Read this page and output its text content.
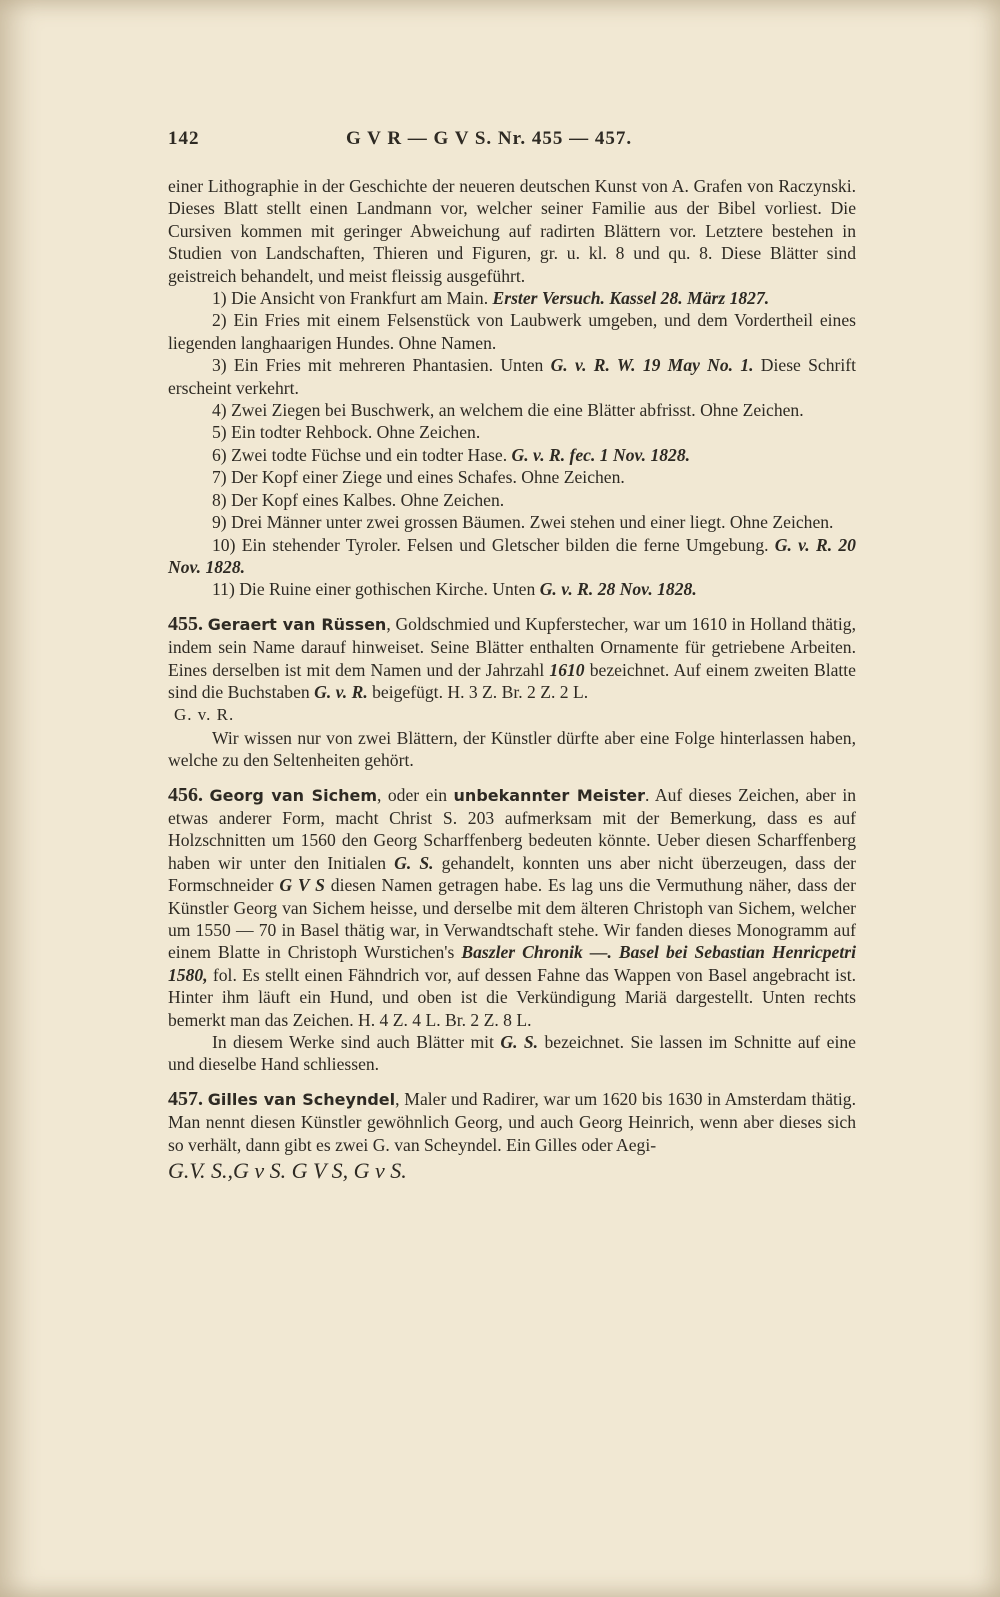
142	G V R — G V S. Nr. 455 — 457.

einer Lithographie in der Geschichte der neueren deutschen Kunst von A. Grafen von Raczynski. Dieses Blatt stellt einen Landmann vor, welcher seiner Familie aus der Bibel vorliest. Die Cursiven kommen mit geringer Abweichung auf radirten Blättern vor. Letztere bestehen in Studien von Landschaften, Thieren und Figuren, gr. u. kl. 8 und qu. 8. Diese Blätter sind geistreich behandelt, und meist fleissig ausgeführt.

1) Die Ansicht von Frankfurt am Main. Erster Versuch. Kassel 28. März 1827.

2) Ein Fries mit einem Felsenstück von Laubwerk umgeben, und dem Vordertheil eines liegenden langhaarigen Hundes. Ohne Namen.

3) Ein Fries mit mehreren Phantasien. Unten G. v. R. W. 19 May No. 1. Diese Schrift erscheint verkehrt.

4) Zwei Ziegen bei Buschwerk, an welchem die eine Blätter abfrisst. Ohne Zeichen.

5) Ein todter Rehbock. Ohne Zeichen.

6) Zwei todte Füchse und ein todter Hase. G. v. R. fec. 1 Nov. 1828.

7) Der Kopf einer Ziege und eines Schafes. Ohne Zeichen.

8) Der Kopf eines Kalbes. Ohne Zeichen.

9) Drei Männer unter zwei grossen Bäumen. Zwei stehen und einer liegt. Ohne Zeichen.

10) Ein stehender Tyroler. Felsen und Gletscher bilden die ferne Umgebung. G. v. R. 20 Nov. 1828.

11) Die Ruine einer gothischen Kirche. Unten G. v. R. 28 Nov. 1828.

455. Geraert van Rüssen, Goldschmied und Kupferstecher, war um 1610 in Holland thätig, indem sein Name darauf hinweiset. Seine Blätter enthalten Ornamente für getriebene Arbeiten. Eines derselben ist mit dem Namen und der Jahrzahl 1610 bezeichnet. Auf einem zweiten Blatte sind die Buchstaben G. v. R. beigefügt. H. 3 Z. Br. 2 Z. 2 L.

G. v. R.

Wir wissen nur von zwei Blättern, der Künstler dürfte aber eine Folge hinterlassen haben, welche zu den Seltenheiten gehört.

456. Georg van Sichem, oder ein unbekannter Meister. Auf dieses Zeichen, aber in etwas anderer Form, macht Christ S. 203 aufmerksam mit der Bemerkung, dass es auf Holzschnitten um 1560 den Georg Scharffenberg bedeuten könnte. Ueber diesen Scharffenberg haben wir unter den Initialen G. S. gehandelt, konnten uns aber nicht überzeugen, dass der Formschneider G V S diesen Namen getragen habe. Es lag uns die Vermuthung näher, dass der Künstler Georg van Sichem heisse, und derselbe mit dem älteren Christoph van Sichem, welcher um 1550 — 70 in Basel thätig war, in Verwandtschaft stehe. Wir fanden dieses Monogramm auf einem Blatte in Christoph Wurstichen's Baszler Chronik —. Basel bei Sebastian Henricpetri 1580, fol. Es stellt einen Fähndrich vor, auf dessen Fahne das Wappen von Basel angebracht ist. Hinter ihm läuft ein Hund, und oben ist die Verkündigung Mariä dargestellt. Unten rechts bemerkt man das Zeichen. H. 4 Z. 4 L. Br. 2 Z. 8 L.

In diesem Werke sind auch Blätter mit G. S. bezeichnet. Sie lassen im Schnitte auf eine und dieselbe Hand schliessen.

457. Gilles van Scheyndel, Maler und Radirer, war um 1620 bis 1630 in Amsterdam thätig. Man nennt diesen Künstler gewöhnlich Georg, und auch Georg Heinrich, wenn aber dieses sich so verhält, dann gibt es zwei G. van Scheyndel. Ein Gilles oder Aegi-

G.V. S.,G v S. G V S, G v S.
